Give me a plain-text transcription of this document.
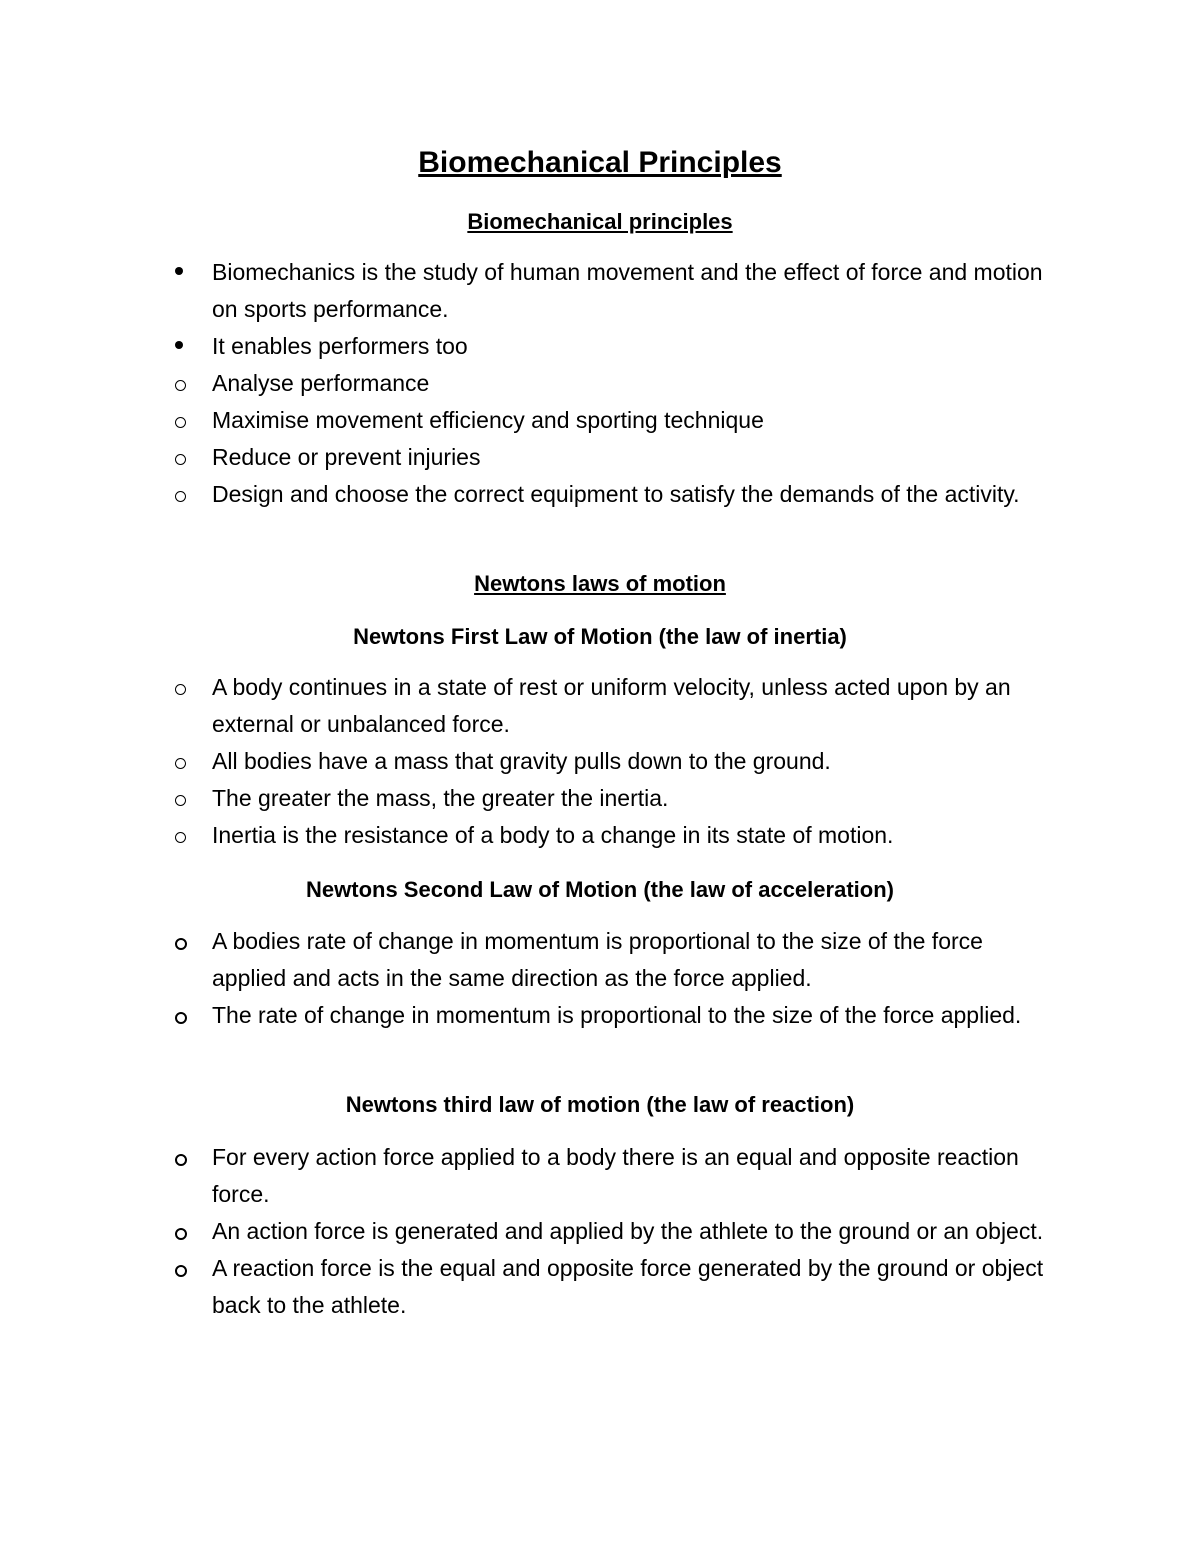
Biomechanical Principles
Biomechanical principles
Biomechanics is the study of human movement and the effect of force and motion on sports performance.
It enables performers too
Analyse performance
Maximise movement efficiency and sporting technique
Reduce or prevent injuries
Design and choose the correct equipment to satisfy the demands of the activity.
Newtons laws of motion
Newtons First Law of Motion (the law of inertia)
A body continues in a state of rest or uniform velocity, unless acted upon by an external or unbalanced force.
All bodies have a mass that gravity pulls down to the ground.
The greater the mass, the greater the inertia.
Inertia is the resistance of a body to a change in its state of motion.
Newtons Second Law of Motion (the law of acceleration)
A bodies rate of change in momentum is proportional to the size of the force applied and acts in the same direction as the force applied.
The rate of change in momentum is proportional to the size of the force applied.
Newtons third law of motion (the law of reaction)
For every action force applied to a body there is an equal and opposite reaction force.
An action force is generated and applied by the athlete to the ground or an object.
A reaction force is the equal and opposite force generated by the ground or object back to the athlete.
